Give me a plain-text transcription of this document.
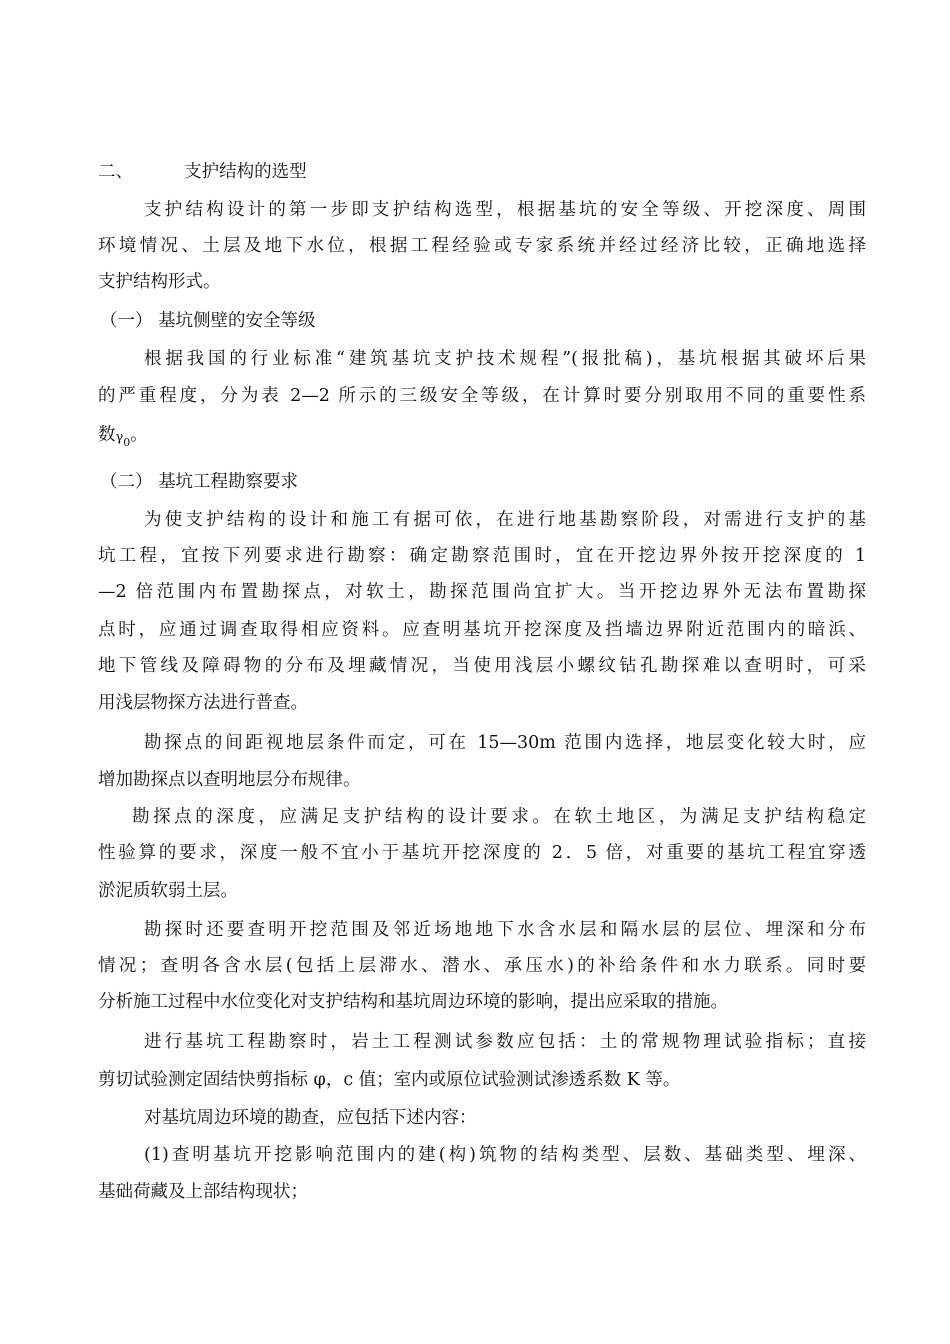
二、	支护结构的选型
支护结构设计的第一步即支护结构选型，根据基坑的安全等级、开挖深度、周围
环境情况、土层及地下水位，根据工程经验或专家系统并经过经济比较，正确地选择
支护结构形式。
（一） 基坑侧壁的安全等级
根据我国的行业标准“建筑基坑支护技术规程”(报批稿)，基坑根据其破坏后果
的严重程度，分为表 2—2 所示的三级安全等级，在计算时要分别取用不同的重要性系
数$\gamma_0$。
（二） 基坑工程勘察要求
为使支护结构的设计和施工有据可依，在进行地基勘察阶段，对需进行支护的基
坑工程，宜按下列要求进行勘察：确定勘察范围时，宜在开挖边界外按开挖深度的 1
—2 倍范围内布置勘探点，对软土，勘探范围尚宜扩大。当开挖边界外无法布置勘探
点时，应通过调查取得相应资料。应查明基坑开挖深度及挡墙边界附近范围内的暗浜、
地下管线及障碍物的分布及埋藏情况，当使用浅层小螺纹钻孔勘探难以查明时，可采
用浅层物探方法进行普查。
勘探点的间距视地层条件而定，可在 15—30m 范围内选择，地层变化较大时，应
增加勘探点以查明地层分布规律。
勘探点的深度，应满足支护结构的设计要求。在软土地区，为满足支护结构稳定
性验算的要求，深度一般不宜小于基坑开挖深度的 2．5 倍，对重要的基坑工程宜穿透
淤泥质软弱土层。
勘探时还要查明开挖范围及邻近场地地下水含水层和隔水层的层位、埋深和分布
情况；查明各含水层(包括上层滞水、潜水、承压水)的补给条件和水力联系。同时要
分析施工过程中水位变化对支护结构和基坑周边环境的影响，提出应采取的措施。
进行基坑工程勘察时，岩土工程测试参数应包括：土的常规物理试验指标；直接
剪切试验测定固结快剪指标 φ，c 值；室内或原位试验测试渗透系数 K 等。
对基坑周边环境的勘查，应包括下述内容：
(1)查明基坑开挖影响范围内的建(构)筑物的结构类型、层数、基础类型、埋深、
基础荷藏及上部结构现状；
